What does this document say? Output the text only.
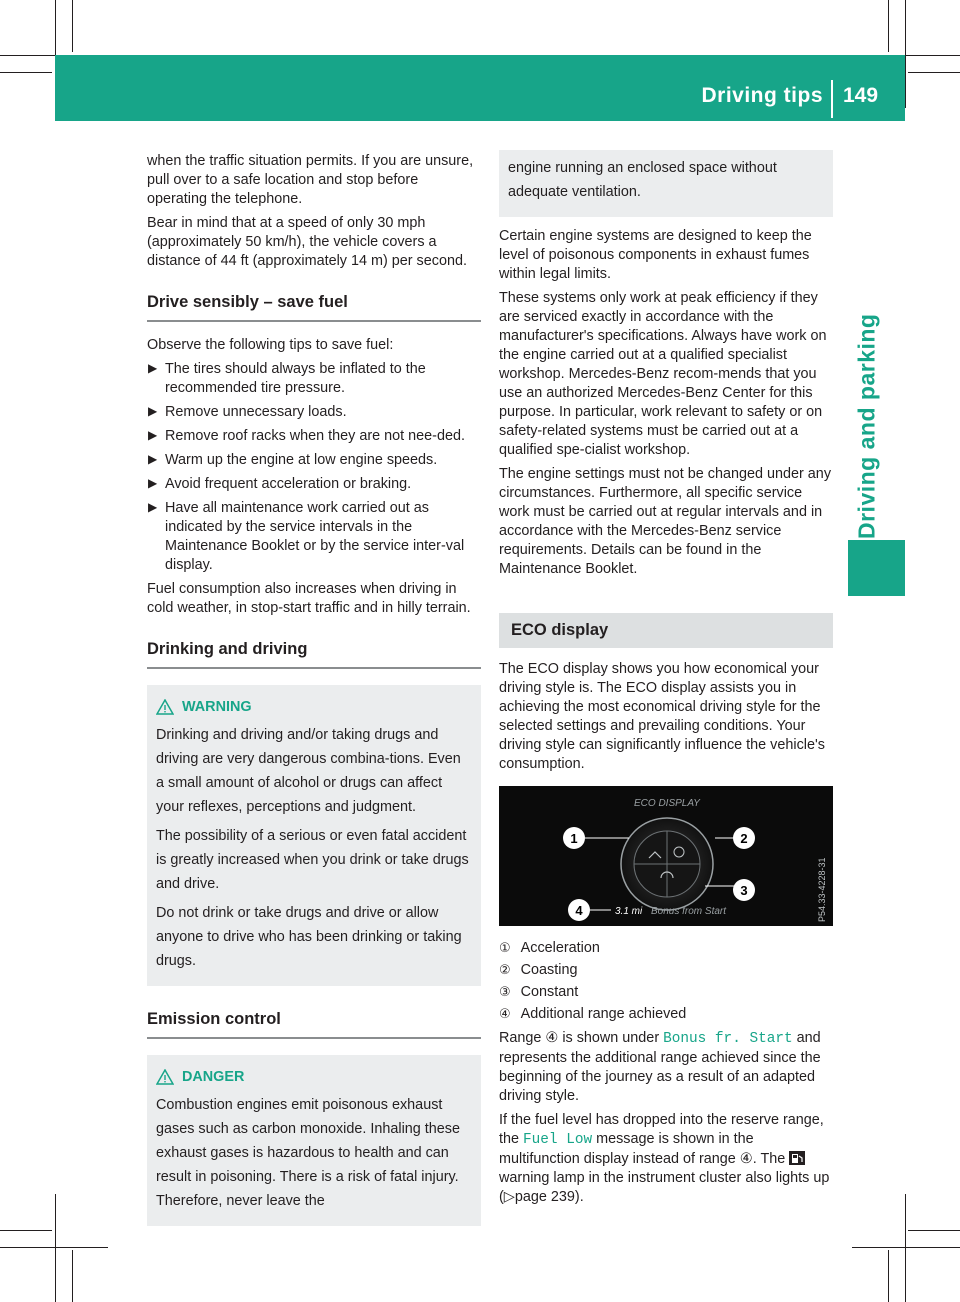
Driving tips 149
Driving and parking

when the traffic situation permits. If you are unsure, pull over to a safe location and stop before operating the telephone.

Bear in mind that at a speed of only 30 mph (approximately 50 km/h), the vehicle covers a distance of 44 ft (approximately 14 m) per second.

Drive sensibly – save fuel

Observe the following tips to save fuel:

▶ The tires should always be inflated to the recommended tire pressure.
▶ Remove unnecessary loads.
▶ Remove roof racks when they are not nee-ded.
▶ Warm up the engine at low engine speeds.
▶ Avoid frequent acceleration or braking.
▶ Have all maintenance work carried out as indicated by the service intervals in the Maintenance Booklet or by the service inter-val display.

Fuel consumption also increases when driving in cold weather, in stop-start traffic and in hilly terrain.

Drinking and driving
WARNING

Drinking and driving and/or taking drugs and driving are very dangerous combina-tions. Even a small amount of alcohol or drugs can affect your reflexes, perceptions and judgment.

The possibility of a serious or even fatal accident is greatly increased when you drink or take drugs and drive.

Do not drink or take drugs and drive or allow anyone to drive who has been drinking or taking drugs.

Emission control
DANGER

Combustion engines emit poisonous exhaust gases such as carbon monoxide. Inhaling these exhaust gases is hazardous to health and can result in poisoning. There is a risk of fatal injury. Therefore, never leave the

engine running an enclosed space without adequate ventilation.

Certain engine systems are designed to keep the level of poisonous components in exhaust fumes within legal limits.

These systems only work at peak efficiency if they are serviced exactly in accordance with the manufacturer's specifications. Always have work on the engine carried out at a qualified specialist workshop. Mercedes-Benz recom-mends that you use an authorized Mercedes-Benz Center for this purpose. In particular, work relevant to safety or on safety-related systems must be carried out at a qualified spe-cialist workshop.

The engine settings must not be changed under any circumstances. Furthermore, all specific service work must be carried out at regular intervals and in accordance with the Mercedes-Benz service requirements. Details can be found in the Maintenance Booklet.

ECO display

The ECO display shows you how economical your driving style is. The ECO display assists you in achieving the most economical driving style for the selected settings and prevailing conditions. Your driving style can significantly influence the vehicle's consumption.

ECO DISPLAY
1	2
3
4	3.1 mi Bonus from Start	P54.33-4228-31
① Acceleration
② Coasting
③ Constant
④ Additional range achieved

Range ④ is shown under Bonus fr. Start and represents the additional range achieved since the beginning of the journey as a result of an adapted driving style.

If the fuel level has dropped into the reserve range, the Fuel Low message is shown in the multifunction display instead of range ④. The  warning lamp in the instrument cluster also lights up (▷page 239).
